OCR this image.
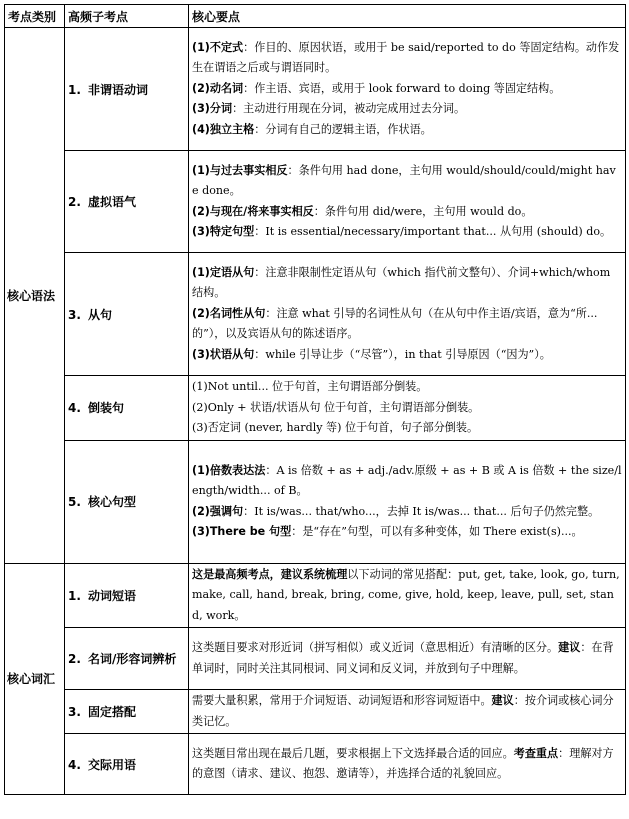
考点类别	高频子考点	核心要点
核心语法	1. 非谓语动词	(1)不定式：作目的、原因状语，或用于 be said/reported to do 等固定结构。动作发生在谓语之后或与谓语同时。

(2)动名词：作主语、宾语，或用于 look forward to doing 等固定结构。

(3)分词：主动进行用现在分词，被动完成用过去分词。

(4)独立主格：分词有自己的逻辑主语，作状语。

	2. 虚拟语气	(1)与过去事实相反：条件句用 had done，主句用 would/should/could/might have done。

(2)与现在/将来事实相反：条件句用 did/were，主句用 would do。

(3)特定句型：It is essential/necessary/important that... 从句用 (should) do。

	3. 从句	(1)定语从句：注意非限制性定语从句（which 指代前文整句）、介词+which/whom 结构。

(2)名词性从句：注意 what 引导的名词性从句（在从句中作主语/宾语，意为“所...的”），以及宾语从句的陈述语序。

(3)状语从句：while 引导让步（“尽管”），in that 引导原因（“因为”）。

	4. 倒装句	(1)Not until... 位于句首，主句谓语部分倒装。

(2)Only + 状语/状语从句 位于句首，主句谓语部分倒装。

(3)否定词 (never, hardly 等) 位于句首，句子部分倒装。

	5. 核心句型	(1)倍数表达法：A is 倍数 + as + adj./adv.原级 + as + B 或 A is 倍数 + the size/length/width... of B。

(2)强调句：It is/was... that/who...，去掉 It is/was... that... 后句子仍然完整。

(3)There be 句型：是“存在”句型，可以有多种变体，如 There exist(s)...。

核心词汇	1. 动词短语	这是最高频考点，建议系统梳理以下动词的常见搭配：put, get, take, look, go, turn, make, call, hand, break, bring, come, give, hold, keep, leave, pull, set, stand, work。

	2. 名词/形容词辨析	这类题目要求对形近词（拼写相似）或义近词（意思相近）有清晰的区分。建议：在背单词时，同时关注其同根词、同义词和反义词，并放到句子中理解。

	3. 固定搭配	需要大量积累，常用于介词短语、动词短语和形容词短语中。建议：按介词或核心词分类记忆。

	4. 交际用语	这类题目常出现在最后几题，要求根据上下文选择最合适的回应。考查重点：理解对方的意图（请求、建议、抱怨、邀请等），并选择合适的礼貌回应。
